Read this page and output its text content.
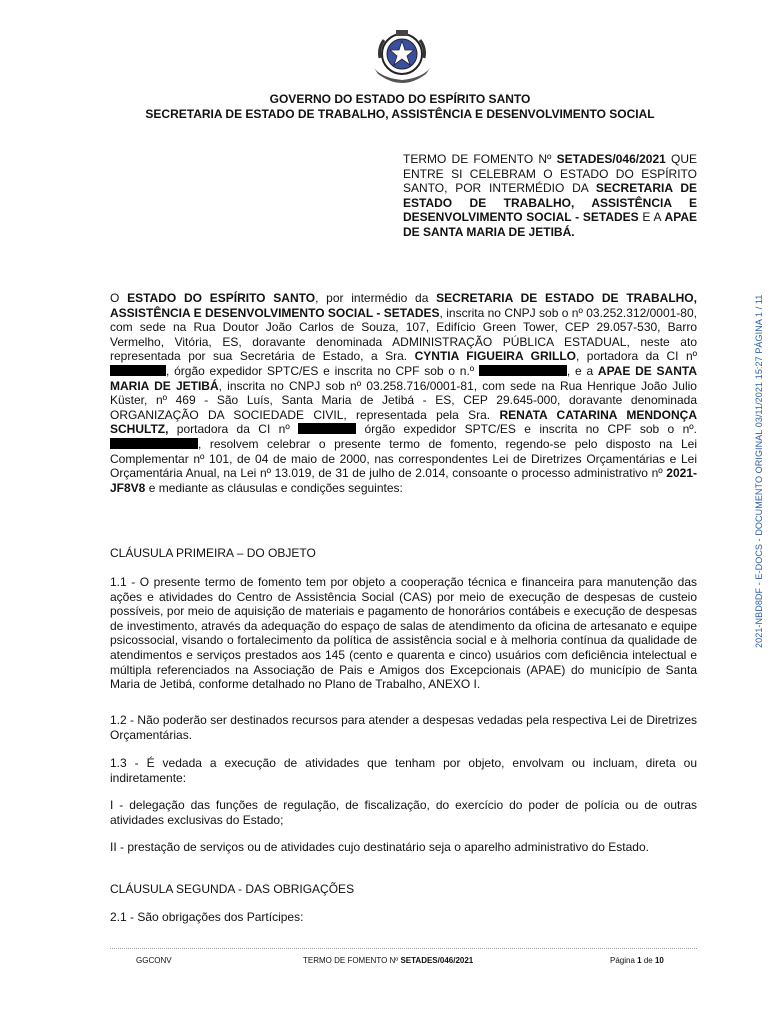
GOVERNO DO ESTADO DO ESPÍRITO SANTO
SECRETARIA DE ESTADO DE TRABALHO, ASSISTÊNCIA E DESENVOLVIMENTO SOCIAL
TERMO DE FOMENTO Nº SETADES/046/2021 QUE ENTRE SI CELEBRAM O ESTADO DO ESPÍRITO SANTO, POR INTERMÉDIO DA SECRETARIA DE ESTADO DE TRABALHO, ASSISTÊNCIA E DESENVOLVIMENTO SOCIAL - SETADES E A APAE DE SANTA MARIA DE JETIBÁ.
O ESTADO DO ESPÍRITO SANTO, por intermédio da SECRETARIA DE ESTADO DE TRABALHO, ASSISTÊNCIA E DESENVOLVIMENTO SOCIAL - SETADES, inscrita no CNPJ sob o nº 03.252.312/0001-80, com sede na Rua Doutor João Carlos de Souza, 107, Edifício Green Tower, CEP 29.057-530, Barro Vermelho, Vitória, ES, doravante denominada ADMINISTRAÇÃO PÚBLICA ESTADUAL, neste ato representada por sua Secretária de Estado, a Sra. CYNTIA FIGUEIRA GRILLO, portadora da CI nº , órgão expedidor SPTC/ES e inscrita no CPF sob o n.º	, e a APAE DE SANTA MARIA DE JETIBÁ, inscrita no CNPJ sob nº 03.258.716/0001-81, com sede na Rua Henrique João Julio Küster, nº 469 - São Luís, Santa Maria de Jetibá - ES, CEP 29.645-000, doravante denominada ORGANIZAÇÃO DA SOCIEDADE CIVIL, representada pela Sra. RENATA CATARINA MENDONÇA SCHULTZ, portadora da CI nº	órgão expedidor SPTC/ES e inscrita no CPF sob o nº. , resolvem celebrar o presente termo de fomento, regendo-se pelo disposto na Lei Complementar nº 101, de 04 de maio de 2000, nas correspondentes Lei de Diretrizes Orçamentárias e Lei Orçamentária Anual, na Lei nº 13.019, de 31 de julho de 2.014, consoante o processo administrativo nº 2021-JF8V8 e mediante as cláusulas e condições seguintes:
CLÁUSULA PRIMEIRA – DO OBJETO
1.1 - O presente termo de fomento tem por objeto a cooperação técnica e financeira para manutenção das ações e atividades do Centro de Assistência Social (CAS) por meio de execução de despesas de custeio possíveis, por meio de aquisição de materiais e pagamento de honorários contábeis e execução de despesas de investimento, através da adequação do espaço de salas de atendimento da oficina de artesanato e equipe psicossocial, visando o fortalecimento da política de assistência social e à melhoria contínua da qualidade de atendimentos e serviços prestados aos 145 (cento e quarenta e cinco) usuários com deficiência intelectual e múltipla referenciados na Associação de Pais e Amigos dos Excepcionais (APAE) do município de Santa Maria de Jetibá, conforme detalhado no Plano de Trabalho, ANEXO I.
1.2 - Não poderão ser destinados recursos para atender a despesas vedadas pela respectiva Lei de Diretrizes Orçamentárias.
1.3 - É vedada a execução de atividades que tenham por objeto, envolvam ou incluam, direta ou indiretamente:
I - delegação das funções de regulação, de fiscalização, do exercício do poder de polícia ou de outras atividades exclusivas do Estado;
II - prestação de serviços ou de atividades cujo destinatário seja o aparelho administrativo do Estado.
CLÁUSULA SEGUNDA - DAS OBRIGAÇÕES
2.1 - São obrigações dos Partícipes:
2021-NBD8DF - E-DOCS - DOCUMENTO ORIGINAL 03/11/2021 15:27 PÁGINA 1 / 11
GGCONV	TERMO DE FOMENTO Nº SETADES/046/2021	Página 1 de 10
